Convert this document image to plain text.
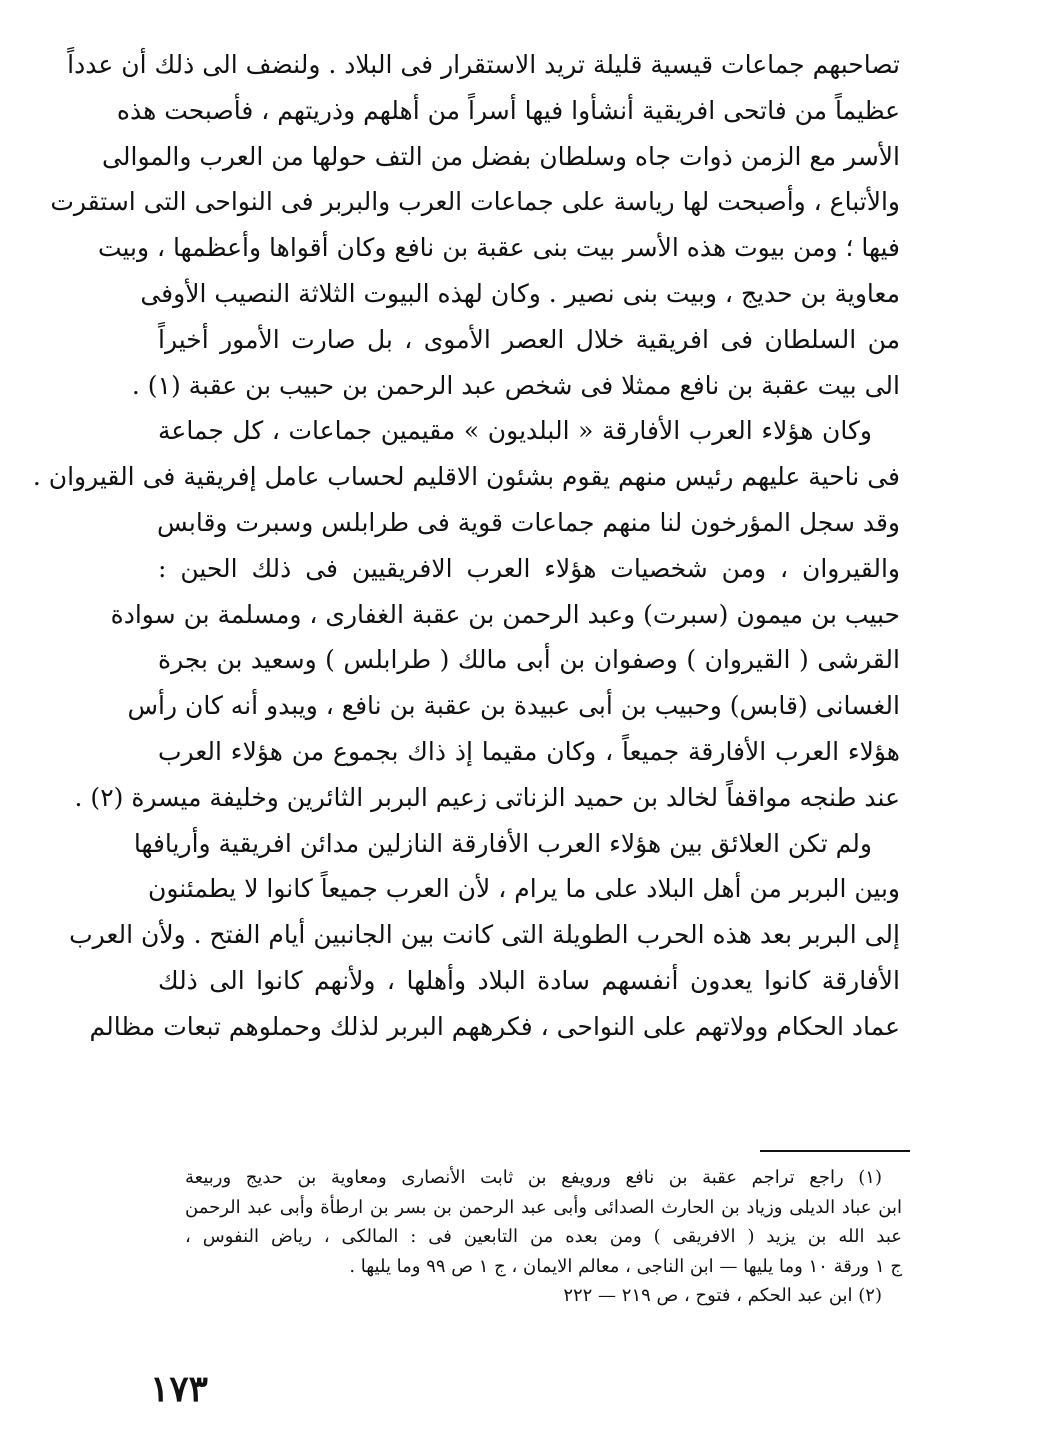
تصاحبهم جماعات قيسية قليلة تريد الاستقرار فى البلاد . ولنضف الى ذلك أن عدداً
عظيماً من فاتحى افريقية أنشأوا فيها أسراً من أهلهم وذريتهم ، فأصبحت هذه
الأسر مع الزمن ذوات جاه وسلطان بفضل من التف حولها من العرب والموالى
والأتباع ، وأصبحت لها رياسة على جماعات العرب والبربر فى النواحى التى استقرت
فيها ؛ ومن بيوت هذه الأسر بيت بنى عقبة بن نافع وكان أقواها وأعظمها ، وبيت
معاوية بن حديج ، وبيت بنى نصير . وكان لهذه البيوت الثلاثة النصيب الأوفى
من السلطان فى افريقية خلال العصر الأموى ، بل صارت الأمور أخيراً
الى بيت عقبة بن نافع ممثلا فى شخص عبد الرحمن بن حبيب بن عقبة (١) .
وكان هؤلاء العرب الأفارقة « البلديون » مقيمين جماعات ، كل جماعة
فى ناحية عليهم رئيس منهم يقوم بشئون الاقليم لحساب عامل إفريقية فى القيروان .
وقد سجل المؤرخون لنا منهم جماعات قوية فى طرابلس وسبرت وقابس
والقيروان ، ومن شخصيات هؤلاء العرب الافريقيين فى ذلك الحين :
حبيب بن ميمون (سبرت) وعبد الرحمن بن عقبة الغفارى ، ومسلمة بن سوادة
القرشى ( القيروان ) وصفوان بن أبى مالك ( طرابلس ) وسعيد بن بجرة
الغسانى (قابس) وحبيب بن أبى عبيدة بن عقبة بن نافع ، ويبدو أنه كان رأس
هؤلاء العرب الأفارقة جميعاً ، وكان مقيما إذ ذاك بجموع من هؤلاء العرب
عند طنجه مواقفاً لخالد بن حميد الزناتى زعيم البربر الثائرين وخليفة ميسرة (٢) .
ولم تكن العلائق بين هؤلاء العرب الأفارقة النازلين مدائن افريقية وأريافها
وبين البربر من أهل البلاد على ما يرام ، لأن العرب جميعاً كانوا لا يطمئنون
إلى البربر بعد هذه الحرب الطويلة التى كانت بين الجانبين أيام الفتح . ولأن العرب
الأفارقة كانوا يعدون أنفسهم سادة البلاد وأهلها ، ولأنهم كانوا الى ذلك
عماد الحكام وولاتهم على النواحى ، فكرههم البربر لذلك وحملوهم تبعات مظالم
(١) راجع تراجم عقبة بن نافع ورويفع بن ثابت الأنصارى ومعاوية بن حديج وربيعة
ابن عباد الديلى وزياد بن الحارث الصدائى وأبى عبد الرحمن بن بسر بن ارطأة وأبى عبد الرحمن
عبد الله بن يزيد ( الافريقى ) ومن بعده من التابعين فى : المالكى ، رياض النفوس ،
ج ١ ورقة ١٠ وما يليها — ابن الناجى ، معالم الايمان ، ج ١ ص ٩٩ وما يليها .
(٢) ابن عبد الحكم ، فتوح ، ص ٢١٩ — ٢٢٢
١٧٣
